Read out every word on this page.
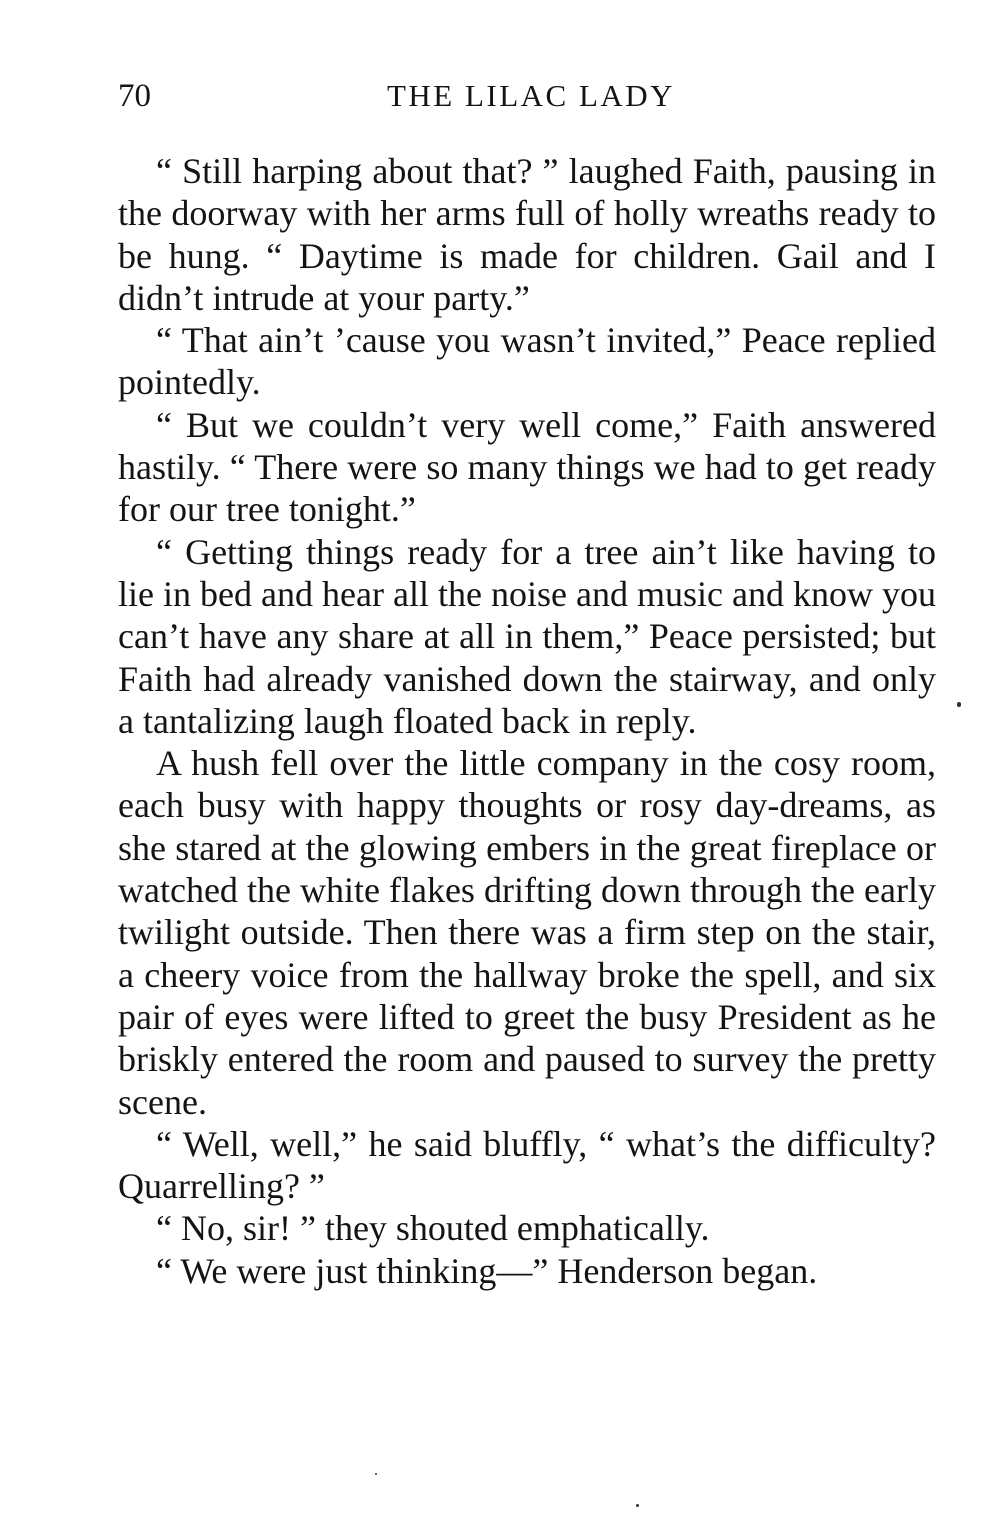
70	THE LILAC LADY

“ Still harping about that? ” laughed Faith, pausing in the doorway with her arms full of holly wreaths ready to be hung. “ Daytime is made for children. Gail and I didn’t intrude at your party.”

“ That ain’t ’cause you wasn’t invited,” Peace replied pointedly.

“ But we couldn’t very well come,” Faith answered hastily. “ There were so many things we had to get ready for our tree tonight.”

“ Getting things ready for a tree ain’t like having to lie in bed and hear all the noise and music and know you can’t have any share at all in them,” Peace persisted; but Faith had already vanished down the stairway, and only a tantalizing laugh floated back in reply.

A hush fell over the little company in the cosy room, each busy with happy thoughts or rosy day-dreams, as she stared at the glowing embers in the great fireplace or watched the white flakes drifting down through the early twilight outside. Then there was a firm step on the stair, a cheery voice from the hallway broke the spell, and six pair of eyes were lifted to greet the busy President as he briskly entered the room and paused to survey the pretty scene.

“ Well, well,” he said bluffly, “ what’s the difficulty? Quarrelling? ”

“ No, sir! ” they shouted emphatically.

“ We were just thinking—” Henderson began.
